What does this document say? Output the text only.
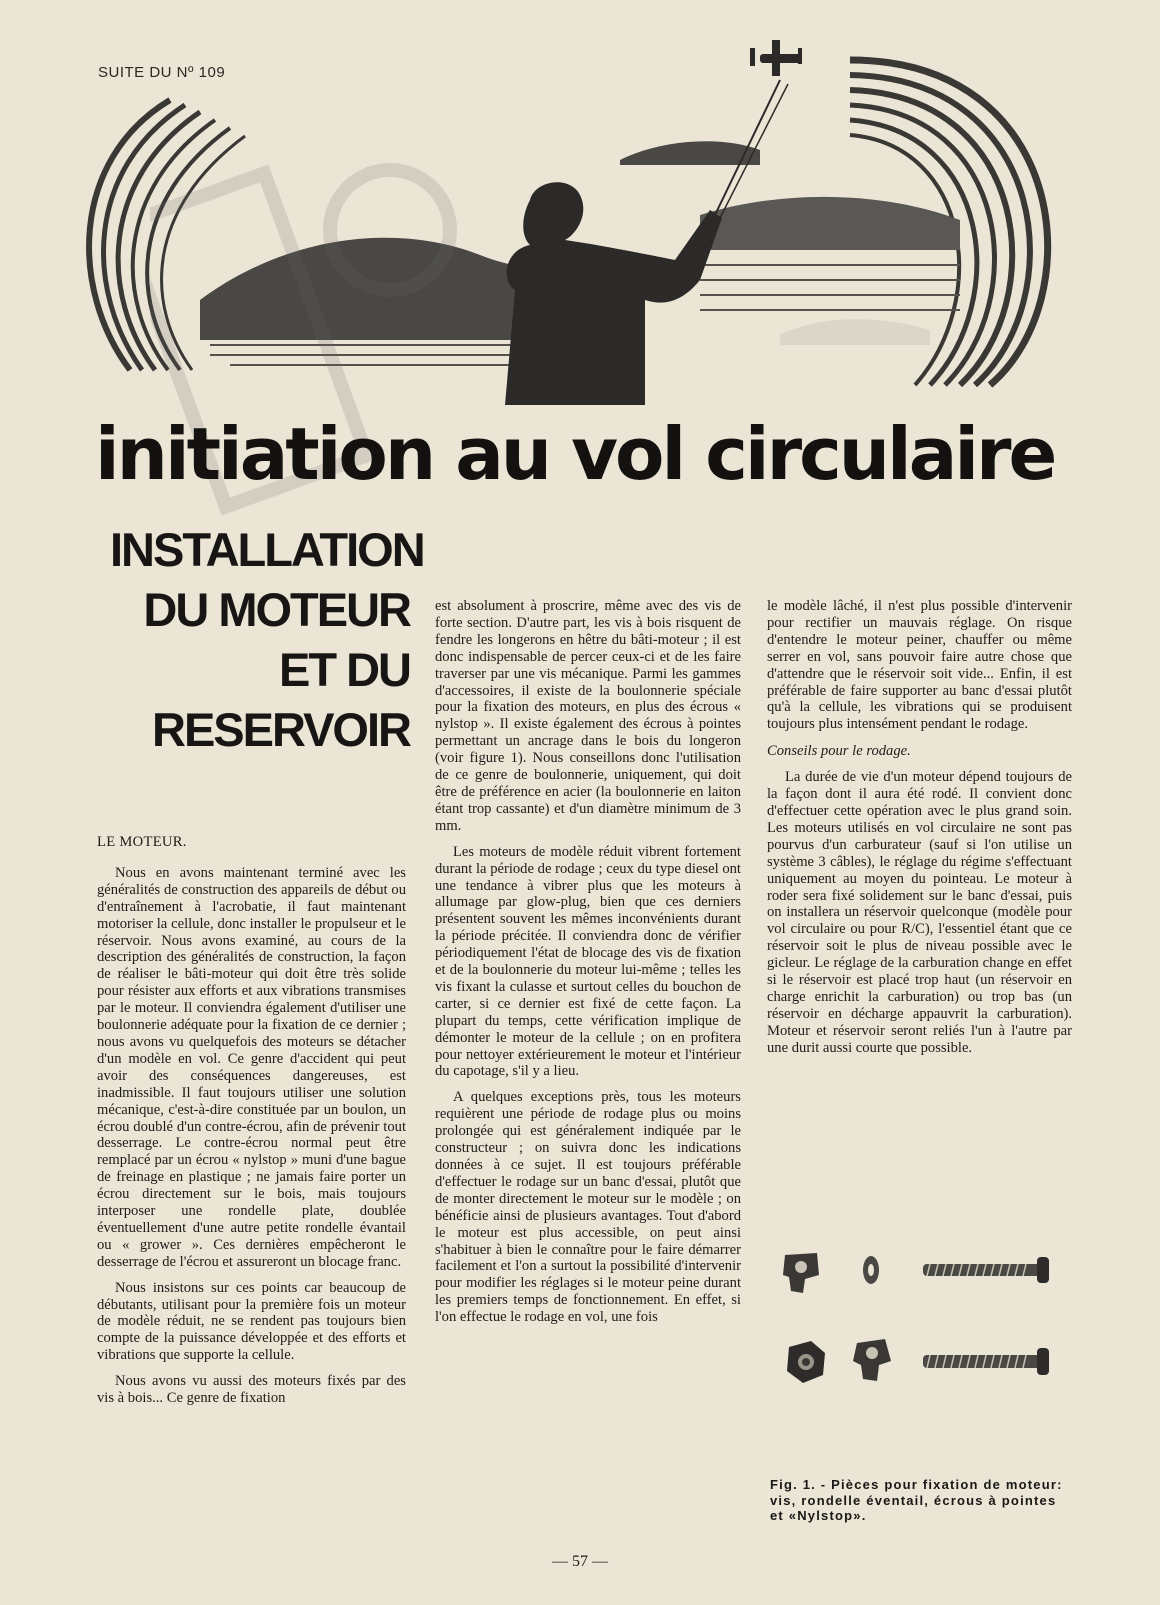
SUITE DU Nº 109
initiation au vol circulaire
INSTALLATION
DU MOTEUR
ET DU
RESERVOIR
LE MOTEUR.

Nous en avons maintenant terminé avec les généralités de construction des appareils de début ou d'entraînement à l'acrobatie, il faut maintenant motoriser la cellule, donc installer le propulseur et le réservoir. Nous avons examiné, au cours de la description des généralités de construction, la façon de réaliser le bâti-moteur qui doit être très solide pour résister aux efforts et aux vibrations transmises par le moteur. Il conviendra également d'utiliser une boulonnerie adéquate pour la fixation de ce dernier ; nous avons vu quelquefois des moteurs se détacher d'un modèle en vol. Ce genre d'accident qui peut avoir des conséquences dangereuses, est inadmissible. Il faut toujours utiliser une solution mécanique, c'est-à-dire constituée par un boulon, un écrou doublé d'un contre-écrou, afin de prévenir tout desserrage. Le contre-écrou normal peut être remplacé par un écrou « nylstop » muni d'une bague de freinage en plastique ; ne jamais faire porter un écrou directement sur le bois, mais toujours interposer une rondelle plate, doublée éventuellement d'une autre petite rondelle évantail ou « grower ». Ces dernières empêcheront le desserrage de l'écrou et assureront un blocage franc.

Nous insistons sur ces points car beaucoup de débutants, utilisant pour la première fois un moteur de modèle réduit, ne se rendent pas toujours bien compte de la puissance développée et des efforts et vibrations que supporte la cellule.

Nous avons vu aussi des moteurs fixés par des vis à bois... Ce genre de fixation

est absolument à proscrire, même avec des vis de forte section. D'autre part, les vis à bois risquent de fendre les longerons en hêtre du bâti-moteur ; il est donc indispensable de percer ceux-ci et de les faire traverser par une vis mécanique. Parmi les gammes d'accessoires, il existe de la boulonnerie spéciale pour la fixation des moteurs, en plus des écrous « nylstop ». Il existe également des écrous à pointes permettant un ancrage dans le bois du longeron (voir figure 1). Nous conseillons donc l'utilisation de ce genre de boulonnerie, uniquement, qui doit être de préférence en acier (la boulonnerie en laiton étant trop cassante) et d'un diamètre minimum de 3 mm.

Les moteurs de modèle réduit vibrent fortement durant la période de rodage ; ceux du type diesel ont une tendance à vibrer plus que les moteurs à allumage par glow-plug, bien que ces derniers présentent souvent les mêmes inconvénients durant la période précitée. Il conviendra donc de vérifier périodiquement l'état de blocage des vis de fixation et de la boulonnerie du moteur lui-même ; telles les vis fixant la culasse et surtout celles du bouchon de carter, si ce dernier est fixé de cette façon. La plupart du temps, cette vérification implique de démonter le moteur de la cellule ; on en profitera pour nettoyer extérieurement le moteur et l'intérieur du capotage, s'il y a lieu.

A quelques exceptions près, tous les moteurs requièrent une période de rodage plus ou moins prolongée qui est généralement indiquée par le constructeur ; on suivra donc les indications données à ce sujet. Il est toujours préférable d'effectuer le rodage sur un banc d'essai, plutôt que de monter directement le moteur sur le modèle ; on bénéficie ainsi de plusieurs avantages. Tout d'abord le moteur est plus accessible, on peut ainsi s'habituer à bien le connaître pour le faire démarrer facilement et l'on a surtout la possibilité d'intervenir pour modifier les réglages si le moteur peine durant les premiers temps de fonctionnement. En effet, si l'on effectue le rodage en vol, une fois

le modèle lâché, il n'est plus possible d'intervenir pour rectifier un mauvais réglage. On risque d'entendre le moteur peiner, chauffer ou même serrer en vol, sans pouvoir faire autre chose que d'attendre que le réservoir soit vide... Enfin, il est préférable de faire supporter au banc d'essai plutôt qu'à la cellule, les vibrations qui se produisent toujours plus intensément pendant le rodage.

Conseils pour le rodage.

La durée de vie d'un moteur dépend toujours de la façon dont il aura été rodé. Il convient donc d'effectuer cette opération avec le plus grand soin. Les moteurs utilisés en vol circulaire ne sont pas pourvus d'un carburateur (sauf si l'on utilise un système 3 câbles), le réglage du régime s'effectuant uniquement au moyen du pointeau. Le moteur à roder sera fixé solidement sur le banc d'essai, puis on installera un réservoir quelconque (modèle pour vol circulaire ou pour R/C), l'essentiel étant que ce réservoir soit le plus de niveau possible avec le gicleur. Le réglage de la carburation change en effet si le réservoir est placé trop haut (un réservoir en charge enrichit la carburation) ou trop bas (un réservoir en décharge appauvrit la carburation). Moteur et réservoir seront reliés l'un à l'autre par une durit aussi courte que possible.

Fig. 1. - Pièces pour fixation de moteur: vis, rondelle éventail, écrous à pointes et «Nylstop».
— 57 —
